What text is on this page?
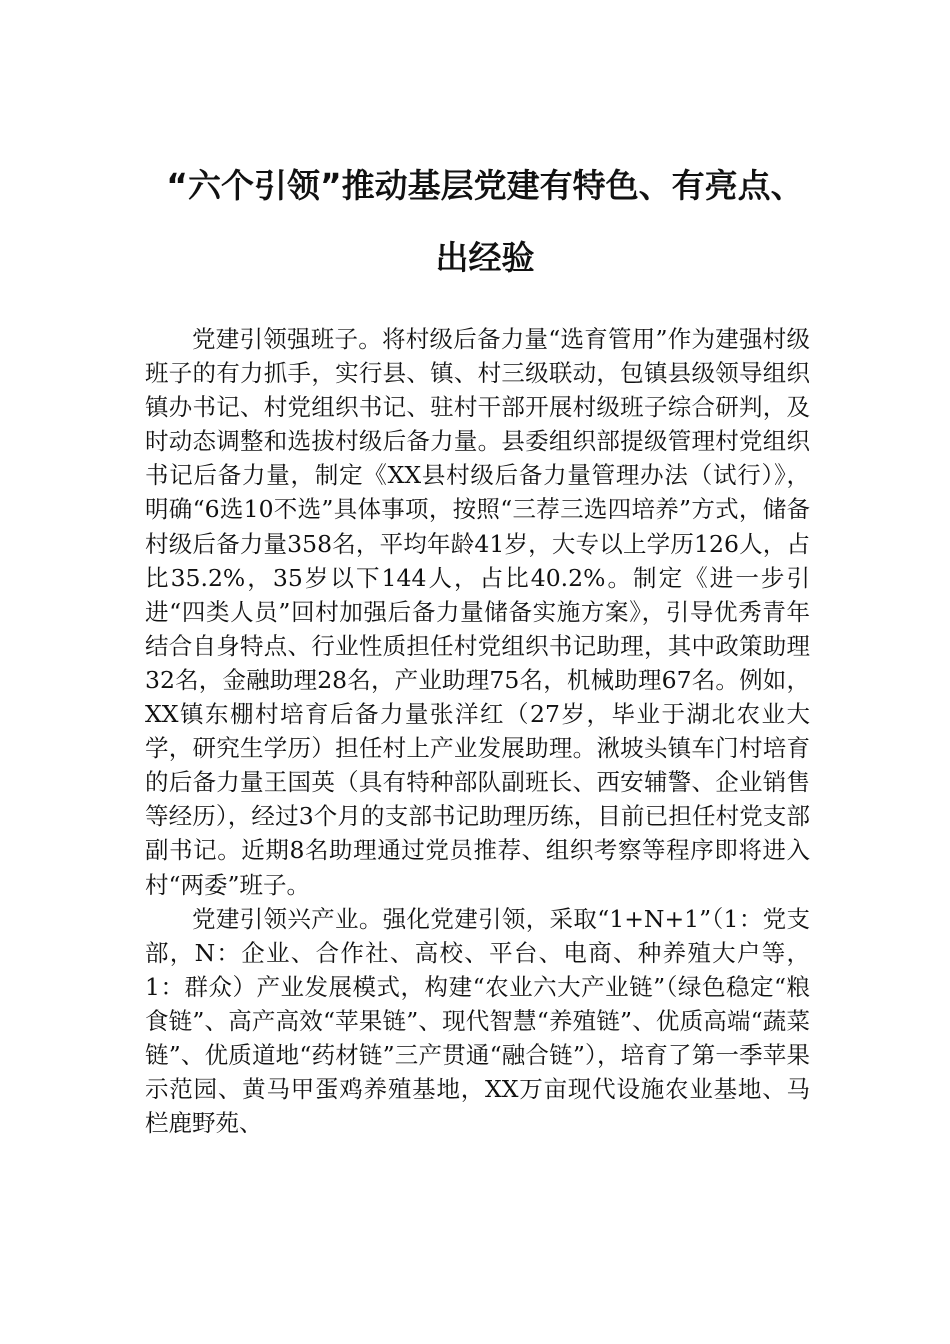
“六个引领”推动基层党建有特色、有亮点、
出经验

党建引领强班子。将村级后备力量“选育管用”作为建强村级班子的有力抓手，实行县、镇、村三级联动，包镇县级领导组织镇办书记、村党组织书记、驻村干部开展村级班子综合研判，及时动态调整和选拔村级后备力量。县委组织部提级管理村党组织书记后备力量，制定《XX县村级后备力量管理办法（试行）》，明确“6选10不选”具体事项，按照“三荐三选四培养”方式，储备村级后备力量358名，平均年龄41岁，大专以上学历126人，占比35.2%，35岁以下144人，占比40.2%。制定《进一步引进“四类人员”回村加强后备力量储备实施方案》，引导优秀青年结合自身特点、行业性质担任村党组织书记助理，其中政策助理32名，金融助理28名，产业助理75名，机械助理67名。例如，XX镇东棚村培育后备力量张洋红（27岁，毕业于湖北农业大学，研究生学历）担任村上产业发展助理。湫坡头镇车门村培育的后备力量王国英（具有特种部队副班长、西安辅警、企业销售等经历），经过3个月的支部书记助理历练，目前已担任村党支部副书记。近期8名助理通过党员推荐、组织考察等程序即将进入村“两委”班子。

党建引领兴产业。强化党建引领，采取“1+N+1”（1：党支部，N：企业、合作社、高校、平台、电商、种养殖大户等，1：群众）产业发展模式，构建“农业六大产业链”（绿色稳定“粮食链”、高产高效“苹果链”、现代智慧“养殖链”、优质高端“蔬菜链”、优质道地“药材链”三产贯通“融合链”），培育了第一季苹果示范园、黄马甲蛋鸡养殖基地，XX万亩现代设施农业基地、马栏鹿野苑、
